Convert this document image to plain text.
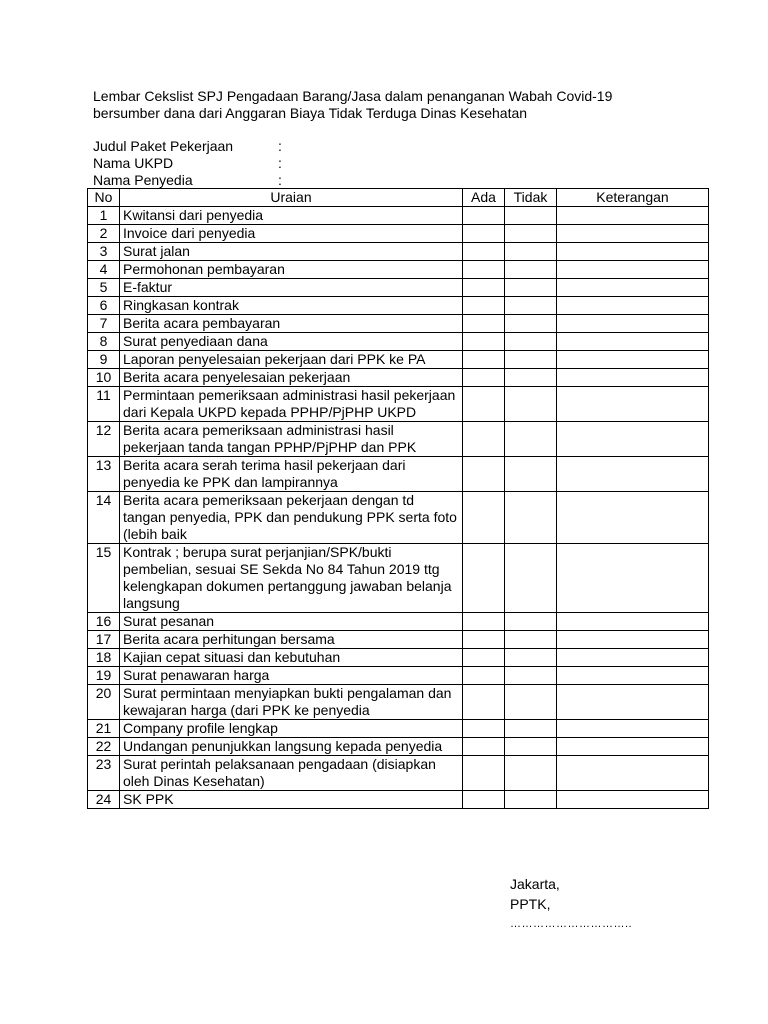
Lembar Cekslist SPJ Pengadaan Barang/Jasa dalam penanganan Wabah Covid-19
bersumber dana dari Anggaran Biaya Tidak Terduga Dinas Kesehatan
Judul Paket Pekerjaan	:
Nama UKPD	:
Nama Penyedia	:
No	Uraian	Ada	Tidak	Keterangan
1	Kwitansi dari penyedia			
2	Invoice dari penyedia			
3	Surat jalan			
4	Permohonan pembayaran			
5	E-faktur			
6	Ringkasan kontrak			
7	Berita acara pembayaran			
8	Surat penyediaan dana			
9	Laporan penyelesaian pekerjaan dari PPK ke PA			
10	Berita acara penyelesaian pekerjaan			
11	Permintaan pemeriksaan administrasi hasil pekerjaan dari Kepala UKPD kepada PPHP/PjPHP UKPD			
12	Berita acara pemeriksaan administrasi hasil pekerjaan tanda tangan PPHP/PjPHP dan PPK			
13	Berita acara serah terima hasil pekerjaan dari penyedia ke PPK dan lampirannya			
14	Berita acara pemeriksaan pekerjaan dengan td tangan penyedia, PPK dan pendukung PPK serta foto (lebih baik			
15	Kontrak ; berupa surat perjanjian/SPK/bukti pembelian, sesuai SE Sekda No 84 Tahun 2019 ttg kelengkapan dokumen pertanggung jawaban belanja langsung			
16	Surat pesanan			
17	Berita acara perhitungan bersama			
18	Kajian cepat situasi dan kebutuhan			
19	Surat penawaran harga			
20	Surat permintaan menyiapkan bukti pengalaman dan kewajaran harga (dari PPK ke penyedia			
21	Company profile lengkap			
22	Undangan penunjukkan langsung kepada penyedia			
23	Surat perintah pelaksanaan pengadaan (disiapkan oleh Dinas Kesehatan)			
24	SK PPK			
Jakarta,
PPTK,
…………………………..
